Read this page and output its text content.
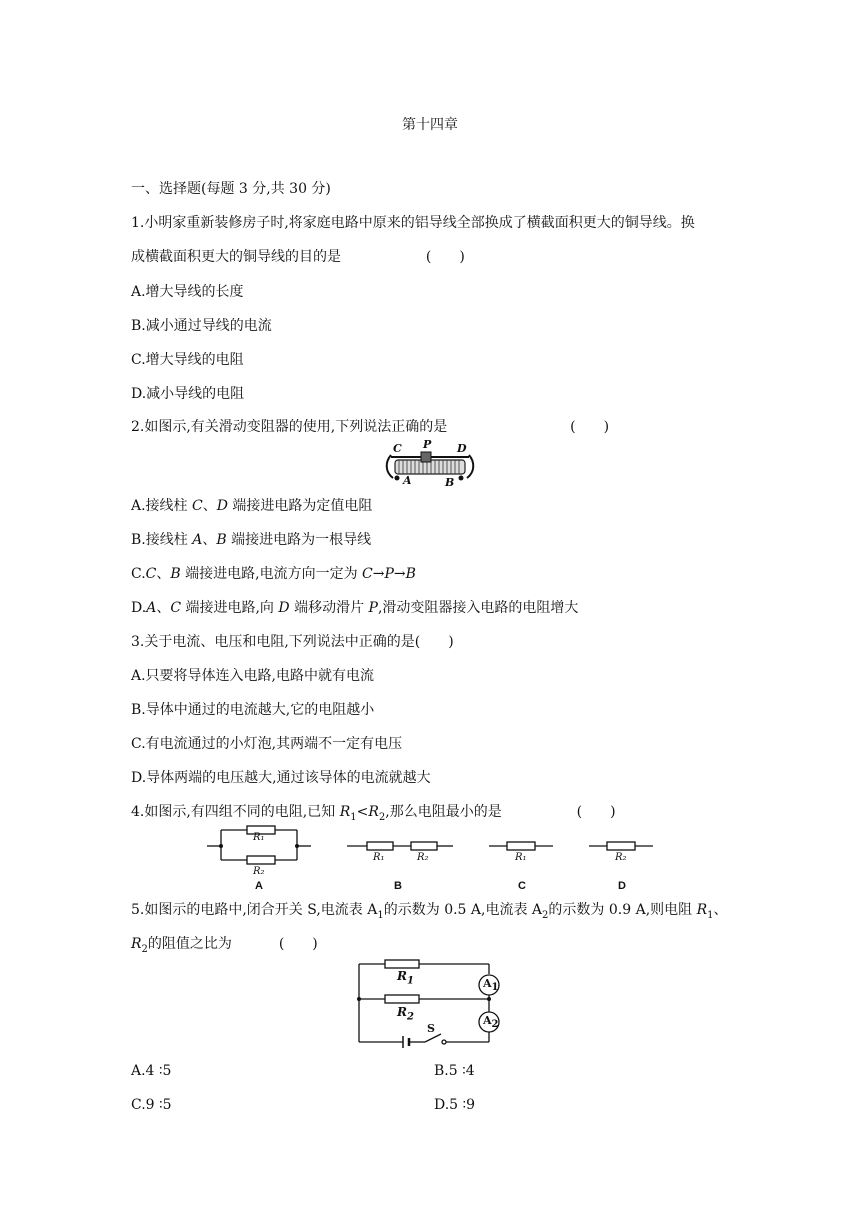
第十四章
一、选择题(每题 3 分,共 30 分)
1.小明家重新装修房子时,将家庭电路中原来的铝导线全部换成了横截面积更大的铜导线。换
成横截面积更大的铜导线的目的是	(　　)
A.增大导线的长度
B.减小通过导线的电流
C.增大导线的电阻
D.减小导线的电阻
2.如图示,有关滑动变阻器的使用,下列说法正确的是	(　　)
C P D
A	B
A.接线柱 C、D 端接进电路为定值电阻
B.接线柱 A、B 端接进电路为一根导线
C.C、B 端接进电路,电流方向一定为 C→P→B
D.A、C 端接进电路,向 D 端移动滑片 P,滑动变阻器接入电路的电阻增大
3.关于电流、电压和电阻,下列说法中正确的是(　　)
A.只要将导体连入电路,电路中就有电流
B.导体中通过的电流越大,它的电阻越小
C.有电流通过的小灯泡,其两端不一定有电压
D.导体两端的电压越大,通过该导体的电流就越大
4.如图示,有四组不同的电阻,已知 $R_1<R_2$,那么电阻最小的是	(　　)
R₁
R₂
R₁	R₂	R₁	R₂
A	B	C	D
5.如图示的电路中,闭合开关 S,电流表 $A_1$的示数为 0.5 A,电流表 $A_2$的示数为 0.9 A,则电阻 $R_1$、
$R_2$的阻值之比为	(　　)
$R_1$
$R_2$
$A_1$
$A_2$
S
A.4 ∶5	B.5 ∶4
C.9 ∶5	D.5 ∶9
